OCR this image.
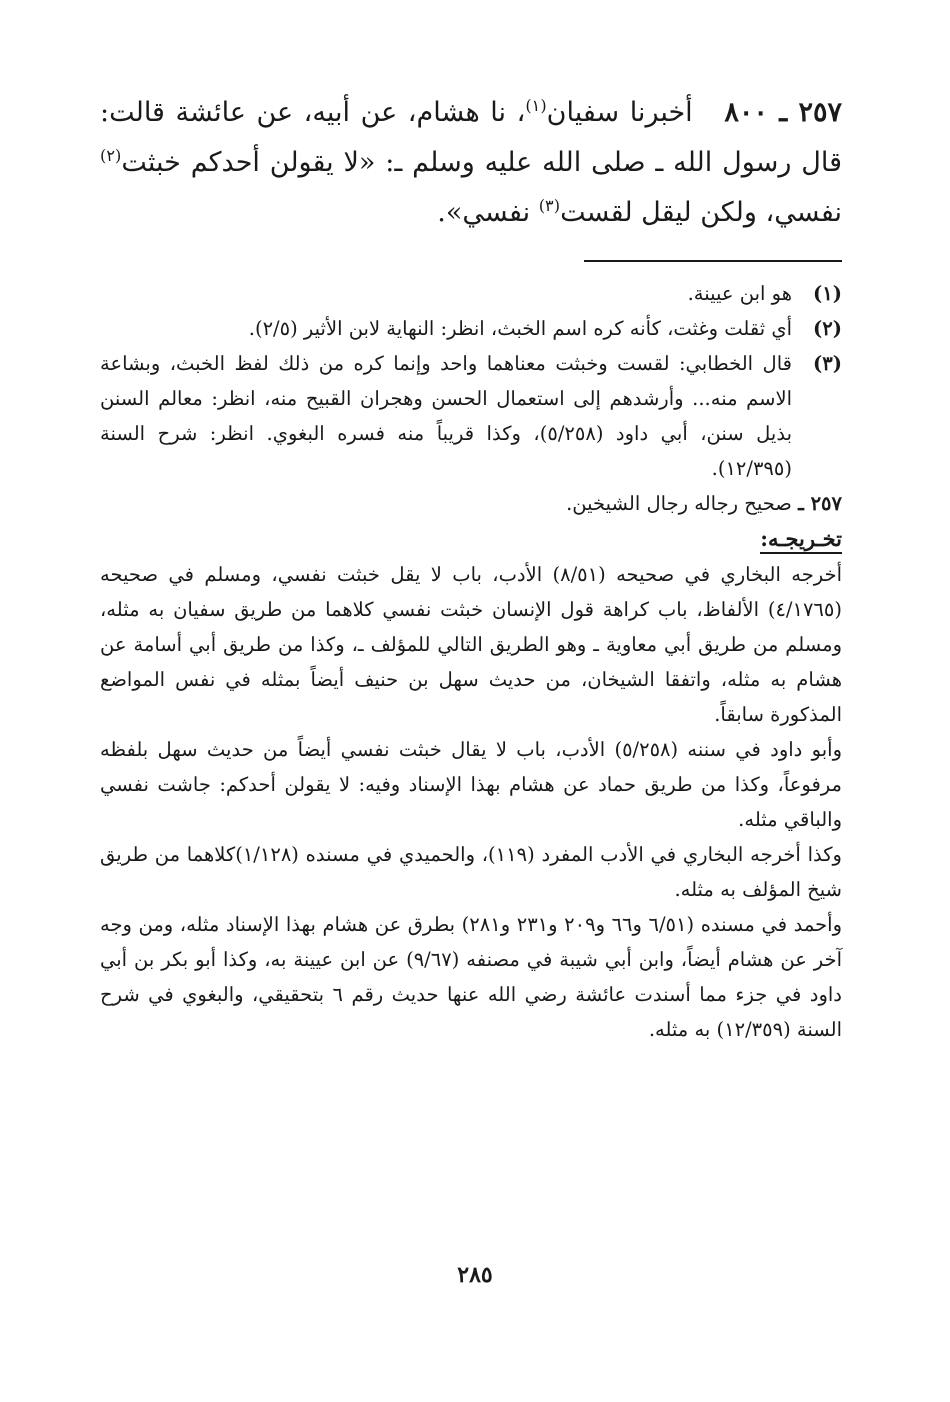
٢٥٧ ـ ٨٠٠   أخبرنا سفيان$^{(١)}$، نا هشام، عن أبيه، عن عائشة قالت: قال رسول الله ـ صلى الله عليه وسلم ـ: «لا يقولن أحدكم خبثت$^{(٢)}$ نفسي، ولكن ليقل لقست$^{(٣)}$ نفسي».

(١)
هو ابن عيينة.
(٢)
أي ثقلت وغثت، كأنه كره اسم الخبث، انظر: النهاية لابن الأثير (٢/٥).
(٣)
قال الخطابي: لقست وخبثت معناهما واحد وإنما كره من ذلك لفظ الخبث، وبشاعة الاسم منه... وأرشدهم إلى استعمال الحسن وهجران القبيح منه، انظر: معالم السنن بذيل سنن، أبي داود (٥/٢٥٨)، وكذا قريباً منه فسره البغوي. انظر: شرح السنة (١٢/٣٩٥).

٢٥٧ ـ صحيح رجاله رجال الشيخين.

تخـريجـه:

أخرجه البخاري في صحيحه (٨/٥١) الأدب، باب لا يقل خبثت نفسي، ومسلم في صحيحه (٤/١٧٦٥) الألفاظ، باب كراهة قول الإنسان خبثت نفسي كلاهما من طريق سفيان به مثله، ومسلم من طريق أبي معاوية ـ وهو الطريق التالي للمؤلف ـ، وكذا من طريق أبي أسامة عن هشام به مثله، واتفقا الشيخان، من حديث سهل بن حنيف أيضاً بمثله في نفس المواضع المذكورة سابقاً.

وأبو داود في سننه (٥/٢٥٨) الأدب، باب لا يقال خبثت نفسي أيضاً من حديث سهل بلفظه مرفوعاً، وكذا من طريق حماد عن هشام بهذا الإسناد وفيه: لا يقولن أحدكم: جاشت نفسي والباقي مثله.

وكذا أخرجه البخاري في الأدب المفرد (١١٩)، والحميدي في مسنده (١/١٢٨)كلاهما من طريق شيخ المؤلف به مثله.

وأحمد في مسنده (٦/٥١ و٦٦ و٢٠٩ و٢٣١ و٢٨١) بطرق عن هشام بهذا الإسناد مثله، ومن وجه آخر عن هشام أيضاً، وابن أبي شيبة في مصنفه (٩/٦٧) عن ابن عيينة به، وكذا أبو بكر بن أبي داود في جزء مما أسندت عائشة رضي الله عنها حديث رقم ٦ بتحقيقي، والبغوي في شرح السنة (١٢/٣٥٩) به مثله.

٢٨٥
